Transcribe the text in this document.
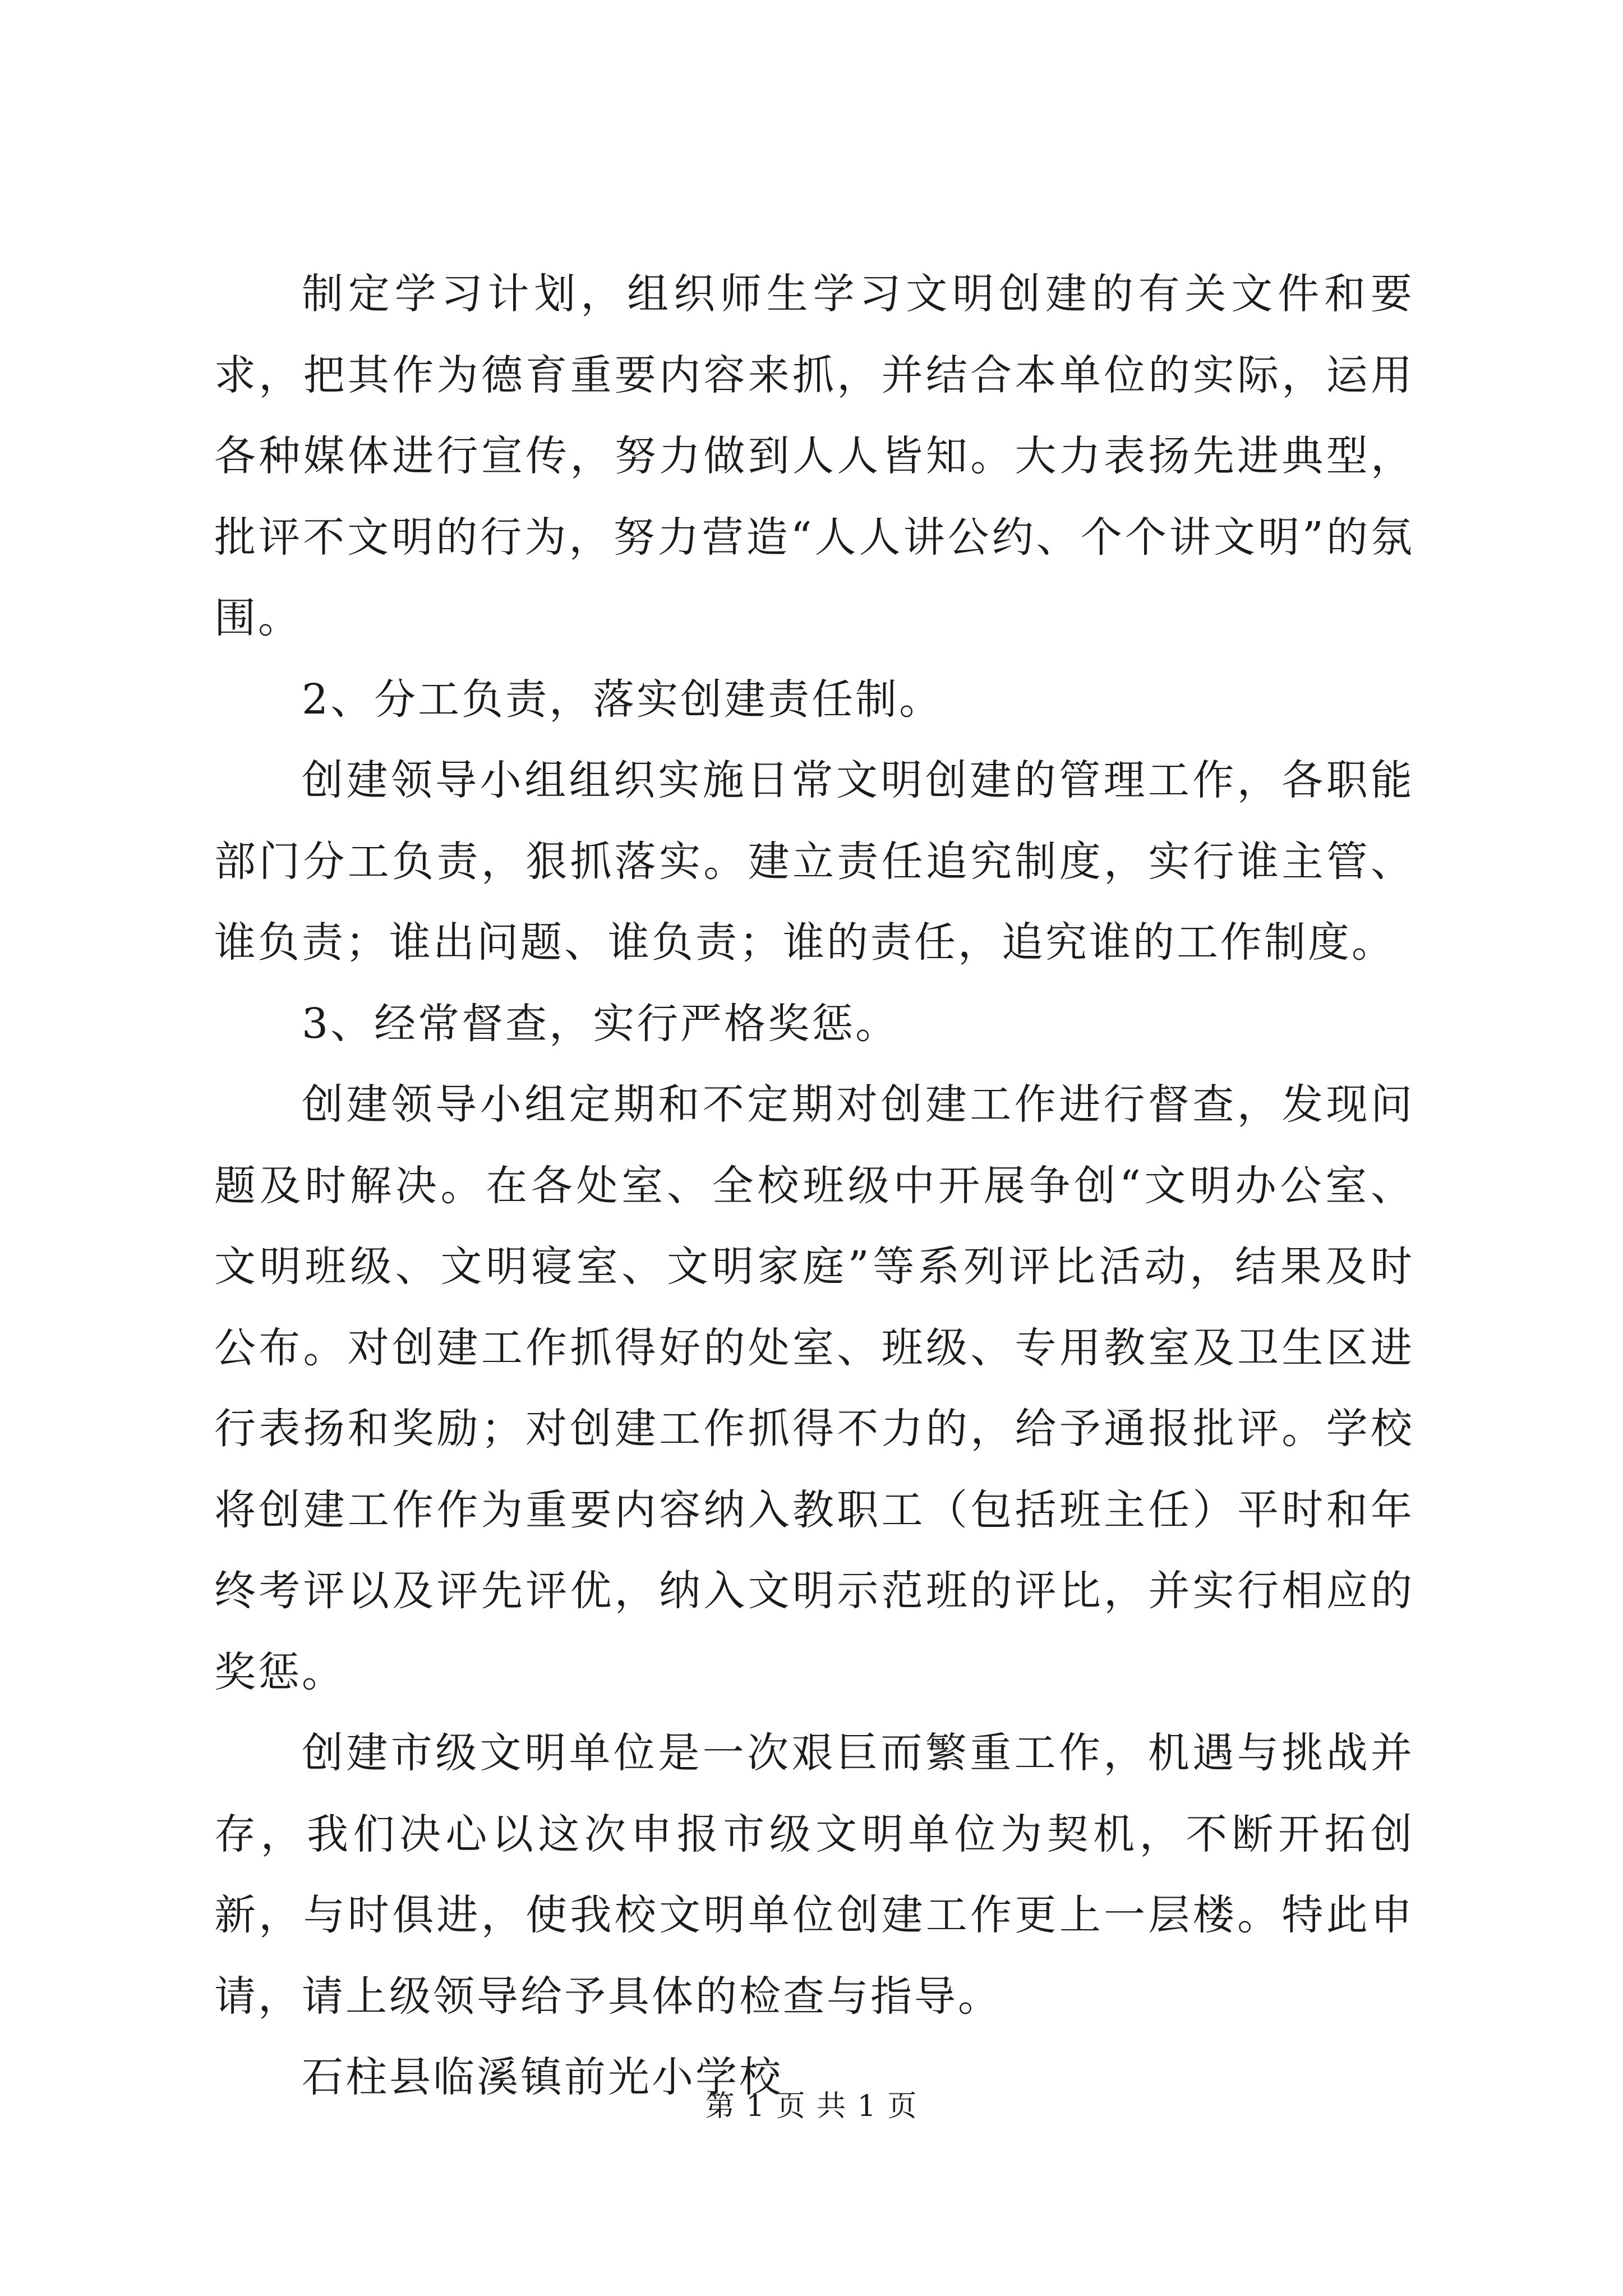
制定学习计划，组织师生学习文明创建的有关文件和要求，把其作为德育重要内容来抓，并结合本单位的实际，运用各种媒体进行宣传，努力做到人人皆知。大力表扬先进典型，批评不文明的行为，努力营造“人人讲公约、个个讲文明”的氛围。

2、分工负责，落实创建责任制。

创建领导小组组织实施日常文明创建的管理工作，各职能部门分工负责，狠抓落实。建立责任追究制度，实行谁主管、谁负责；谁出问题、谁负责；谁的责任，追究谁的工作制度。

3、经常督查，实行严格奖惩。

创建领导小组定期和不定期对创建工作进行督查，发现问题及时解决。在各处室、全校班级中开展争创“文明办公室、文明班级、文明寝室、文明家庭”等系列评比活动，结果及时公布。对创建工作抓得好的处室、班级、专用教室及卫生区进行表扬和奖励；对创建工作抓得不力的，给予通报批评。学校将创建工作作为重要内容纳入教职工（包括班主任）平时和年终考评以及评先评优，纳入文明示范班的评比，并实行相应的奖惩。

创建市级文明单位是一次艰巨而繁重工作，机遇与挑战并存，我们决心以这次申报市级文明单位为契机，不断开拓创新，与时俱进，使我校文明单位创建工作更上一层楼。特此申请，请上级领导给予具体的检查与指导。

石柱县临溪镇前光小学校

第 1 页 共 1 页
